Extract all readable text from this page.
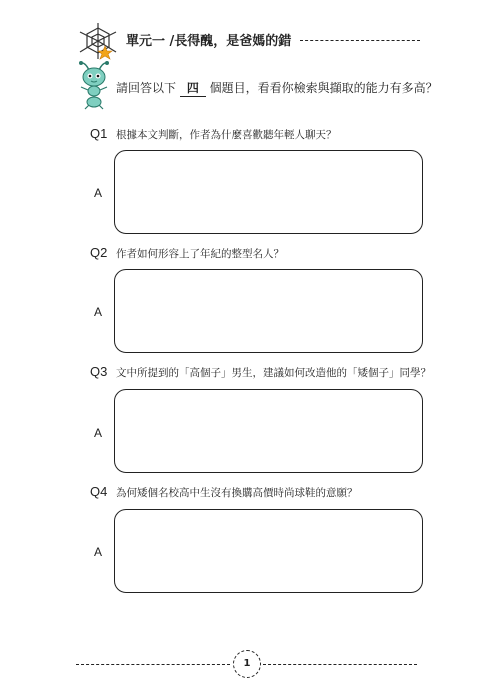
單元一 /長得醜，是爸媽的錯
請回答以下 四 個題目，看看你檢索與擷取的能力有多高？
Q1 根據本文判斷，作者為什麼喜歡聽年輕人聊天？
A
Q2 作者如何形容上了年紀的整型名人？
A
Q3 文中所提到的「高個子」男生，建議如何改造他的「矮個子」同學？
A
Q4 為何矮個名校高中生沒有換購高價時尚球鞋的意願？
A
1
